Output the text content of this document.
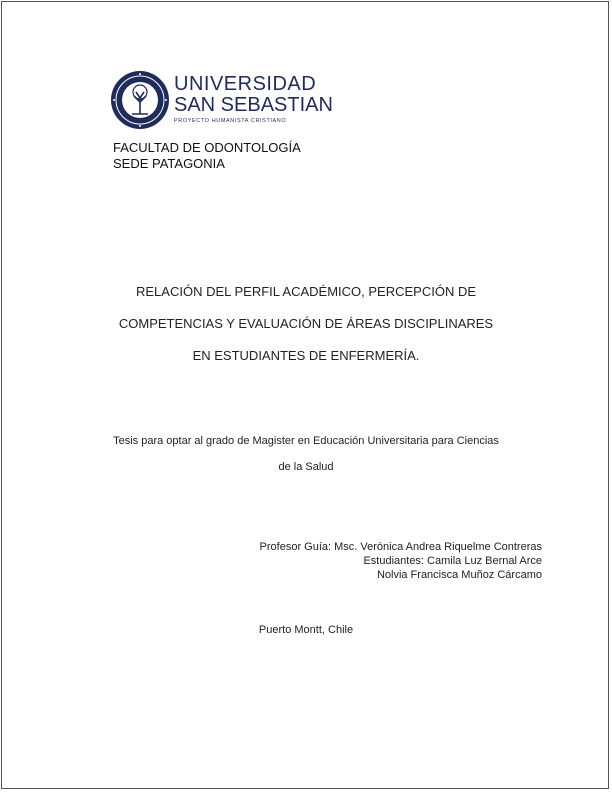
UNIVERSIDAD
SAN SEBASTIAN
PROYECTO HUMANISTA CRISTIANO
FACULTAD DE ODONTOLOGÍA
SEDE PATAGONIA
RELACIÓN DEL PERFIL ACADÉMICO, PERCEPCIÓN DE
COMPETENCIAS Y EVALUACIÓN DE ÁREAS DISCIPLINARES
EN ESTUDIANTES DE ENFERMERÍA.
Tesis para optar al grado de Magister en Educación Universitaria para Ciencias
de la Salud
Profesor Guía: Msc. Verónica Andrea Riquelme Contreras
Estudiantes: Camila Luz Bernal Arce
Nolvia Francisca Muñoz Cárcamo
Puerto Montt, Chile
